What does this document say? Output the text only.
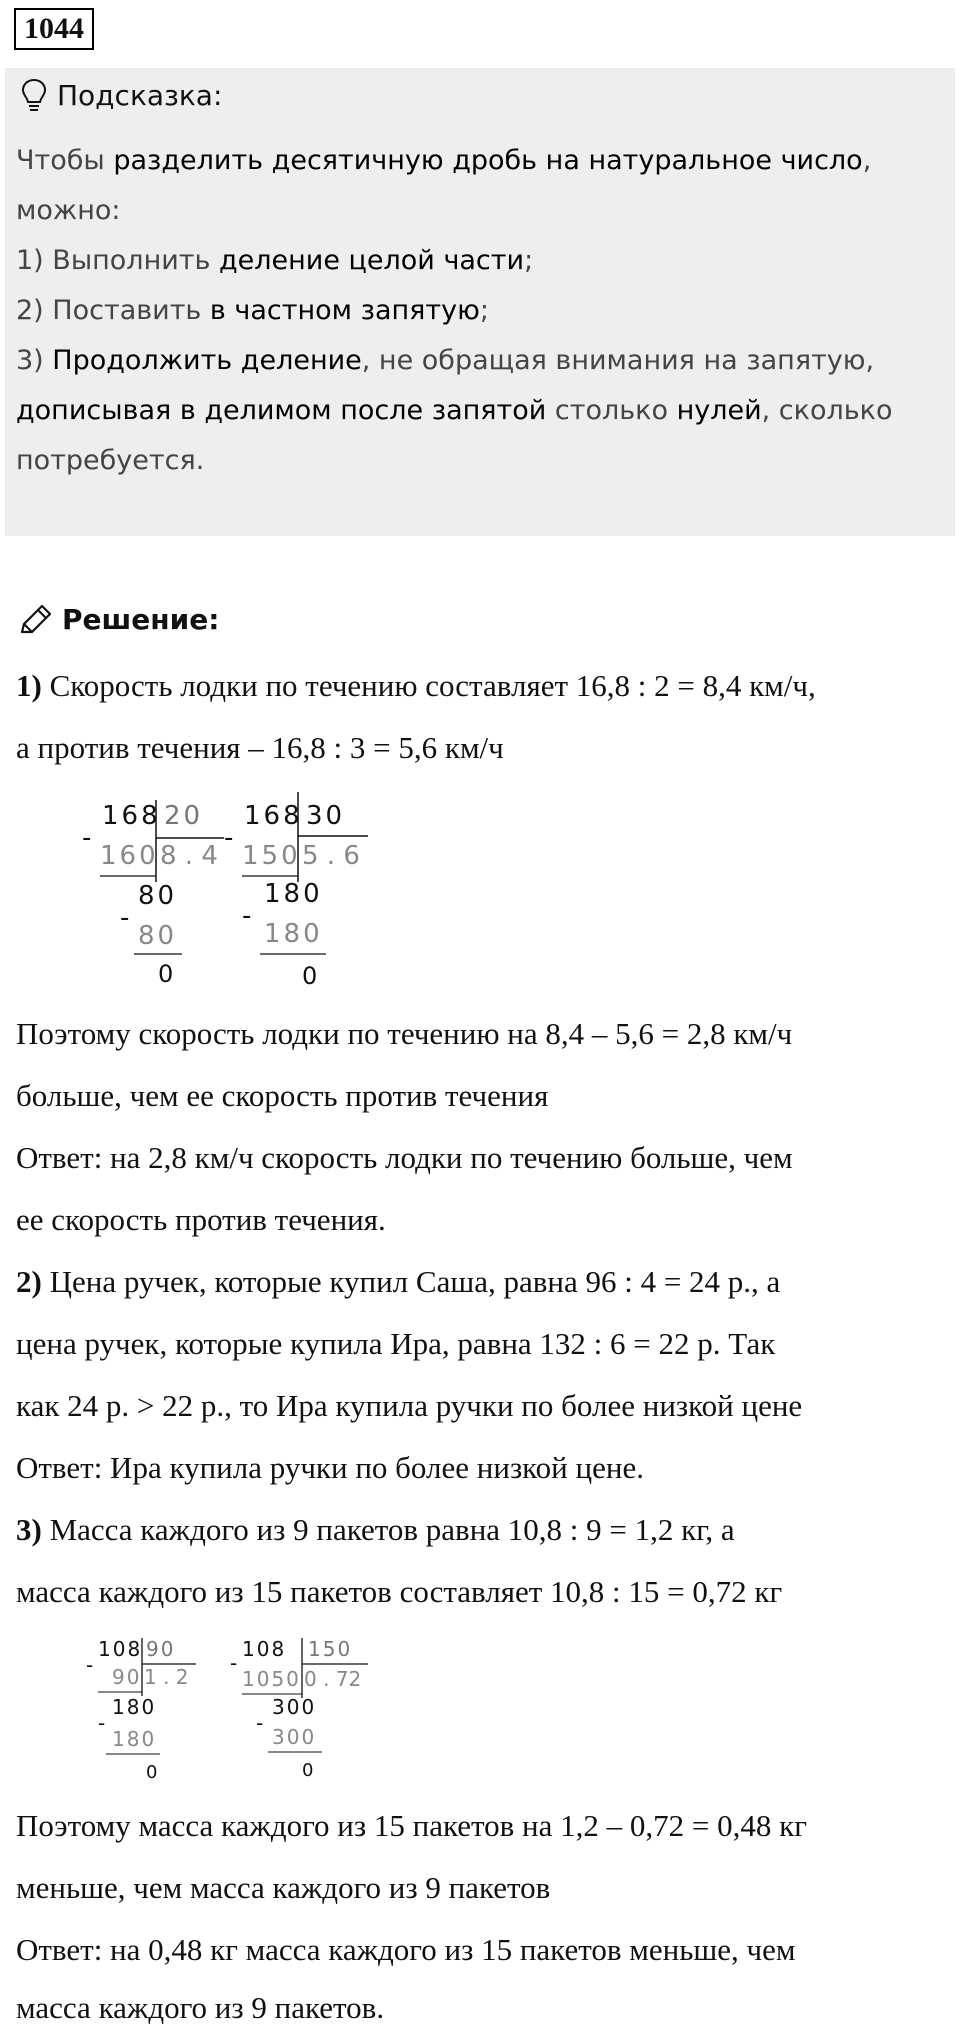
1044
Подсказка:
Чтобы разделить десятичную дробь на натуральное число,
можно:
1) Выполнить деление целой части;
2) Поставить в частном запятую;
3) Продолжить деление, не обращая внимания на запятую,
дописывая в делимом после запятой столько нулей, сколько
потребуется.
Решение:
1) Скорость лодки по течению составляет 16,8 : 2 = 8,4 км/ч,
а против течения – 16,8 : 3 = 5,6 км/ч
-
168 20
160 8 . 4
80
-
80
0
-
168 30
150 5 . 6
180
-
180
0
Поэтому скорость лодки по течению на 8,4 – 5,6 = 2,8 км/ч
больше, чем ее скорость против течения
Ответ: на 2,8 км/ч скорость лодки по течению больше, чем
ее скорость против течения.
2) Цена ручек, которые купил Саша, равна 96 : 4 = 24 р., а
цена ручек, которые купила Ира, равна 132 : 6 = 22 р. Так
как 24 р. > 22 р., то Ира купила ручки по более низкой цене
Ответ: Ира купила ручки по более низкой цене.
3) Масса каждого из 9 пакетов равна 10,8 : 9 = 1,2 кг, а
масса каждого из 15 пакетов составляет 10,8 : 15 = 0,72 кг
-
108 90
90 1 . 2
180
-
180
0
-
108 150
1050 0 . 72
300
-
300
0
Поэтому масса каждого из 15 пакетов на 1,2 – 0,72 = 0,48 кг
меньше, чем масса каждого из 9 пакетов
Ответ: на 0,48 кг масса каждого из 15 пакетов меньше, чем
масса каждого из 9 пакетов.
